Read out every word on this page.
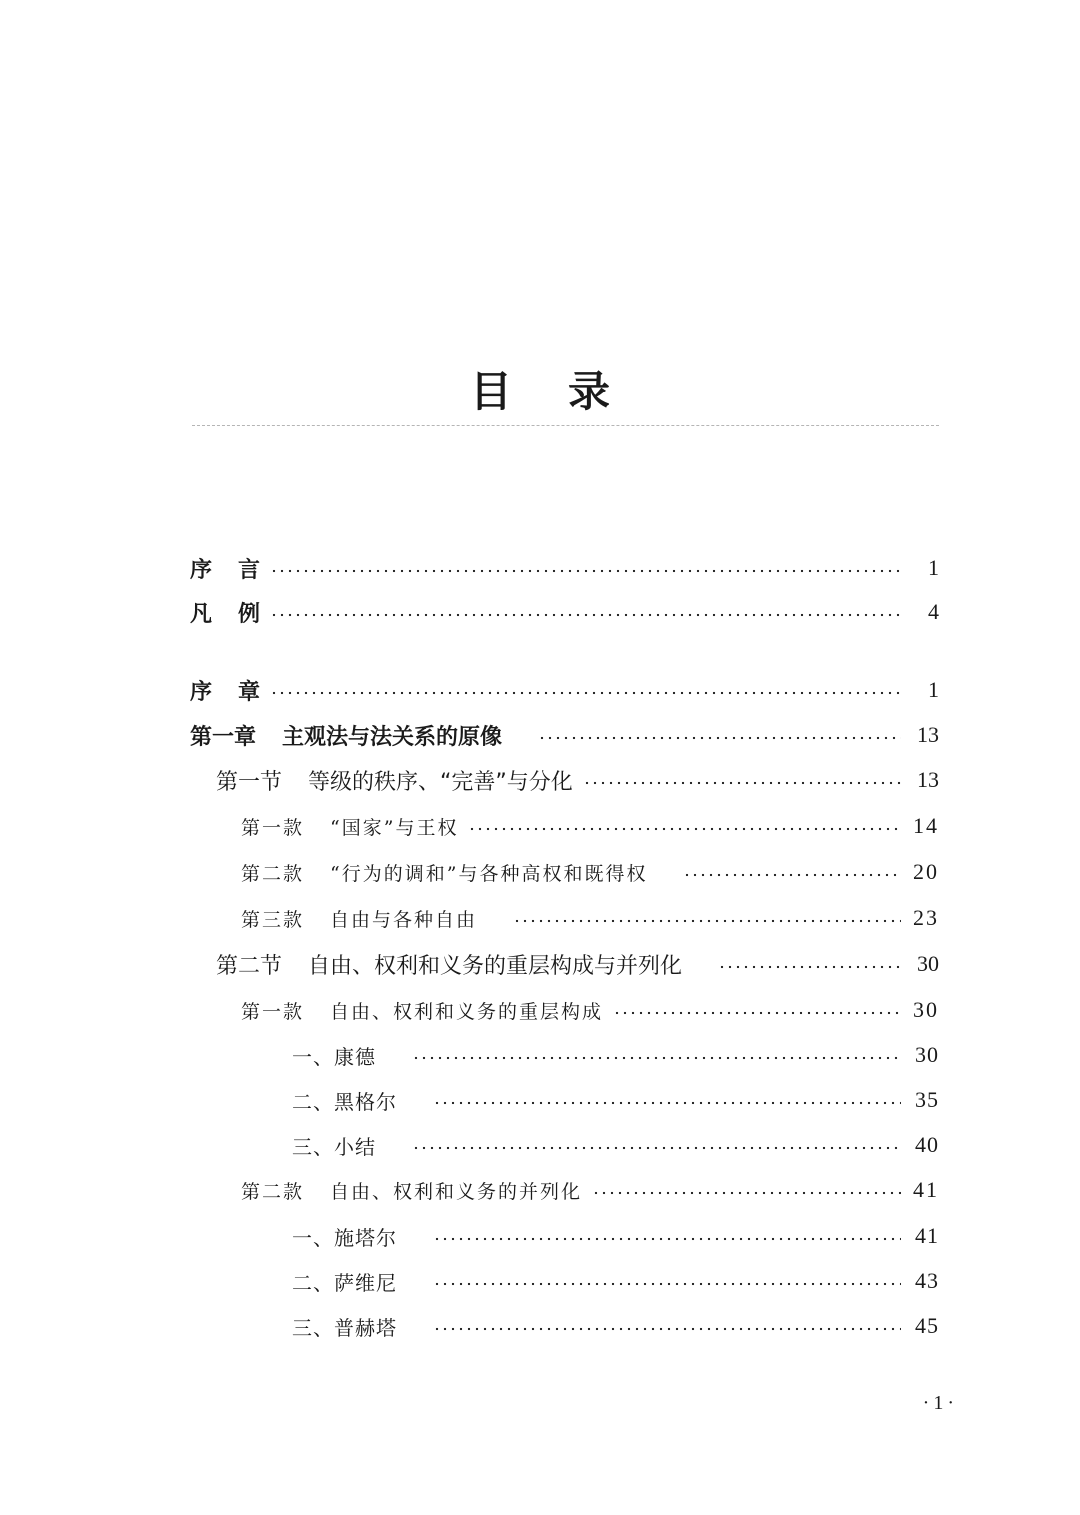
目 录
序 言	1
凡 例	4
序 章	1
第一章 主观法与法关系的原像	13
第一节 等级的秩序、“完善”与分化	13
第一款 “国家”与王权	14
第二款 “行为的调和”与各种高权和既得权	20
第三款 自由与各种自由	23
第二节 自由、权利和义务的重层构成与并列化	30
第一款 自由、权利和义务的重层构成	30
一、康德	30
二、黑格尔	35
三、小结	40
第二款 自由、权利和义务的并列化	41
一、施塔尔	41
二、萨维尼	43
三、普赫塔	45
·1·
